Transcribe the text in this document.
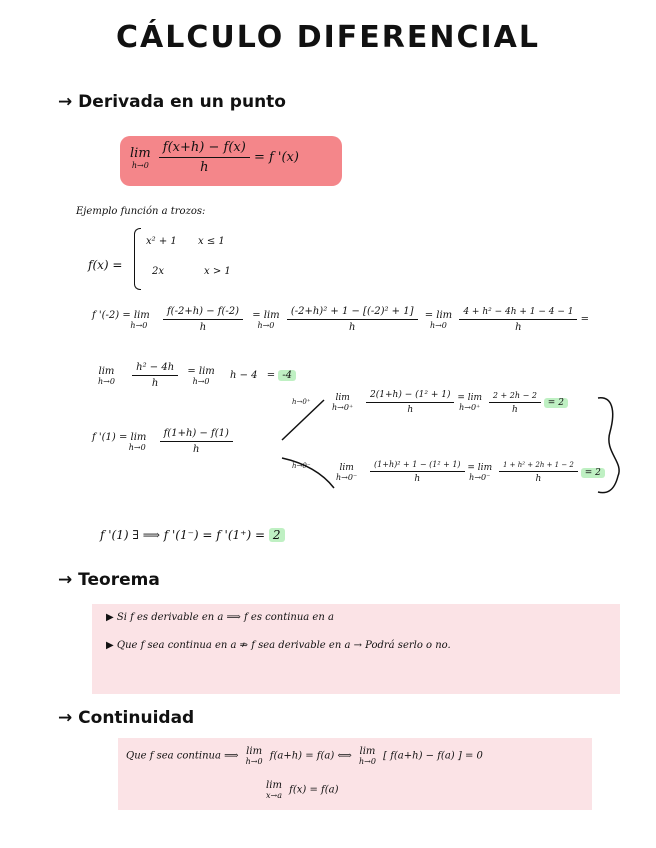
CÁLCULO DIFERENCIAL
→ Derivada en un punto
lim
h→0
$\frac{f(x+h) - f(x)}{h} = f$ '(x)
Ejemplo función a trozos:
f(x) =
x² + 1 x ≤ 1
2x	x > 1
f '(-2) = lim
h→0
$\frac{f(-2+h) - f(-2)}{h}$
= lim
h→0
$\frac{\text{(-2+h)² + 1 − [(-2)² + 1]}}{h}$
= lim
h→0
$\frac{\text{4 + h² − 4h + 1 − 4 − 1}}{h}$ =
lim
h→0
$\frac{\text{h² − 4h}}{h}$
= lim
h→0 h − 4 = -4
f '(1) = lim
h→0
$\frac{f(1+h) - f(1)}{h}$
h→0⁺
h→0⁻
lim
h→0⁺
$\frac{\text{2(1+h) − (1² + 1)}}{h}$
= lim
h→0⁺
$\frac{2 + 2h - 2}{h} = 2$
lim
h→0⁻
$\frac{\text{(1+h)² + 1 − (1² + 1)}}{h}$
= lim
h→0⁻
$\frac{\text{1 + h² + 2h + 1 − 2}}{h} = 2$
f '(1) ∃ ⟹ f '(1⁻) = f '(1⁺) = 2
→ Teorema
▶ Si f es derivable en a ⟹ f es continua en a
▶ Que f sea continua en a ⇏ f sea derivable en a → Podrá serlo o no.
→ Continuidad
Que f sea continua ⟹ lim
h→0 f(a+h) = f(a) ⟺ lim
h→0 [ f(a+h) − f(a) ] = 0
lim
x→a f(x) = f(a)
